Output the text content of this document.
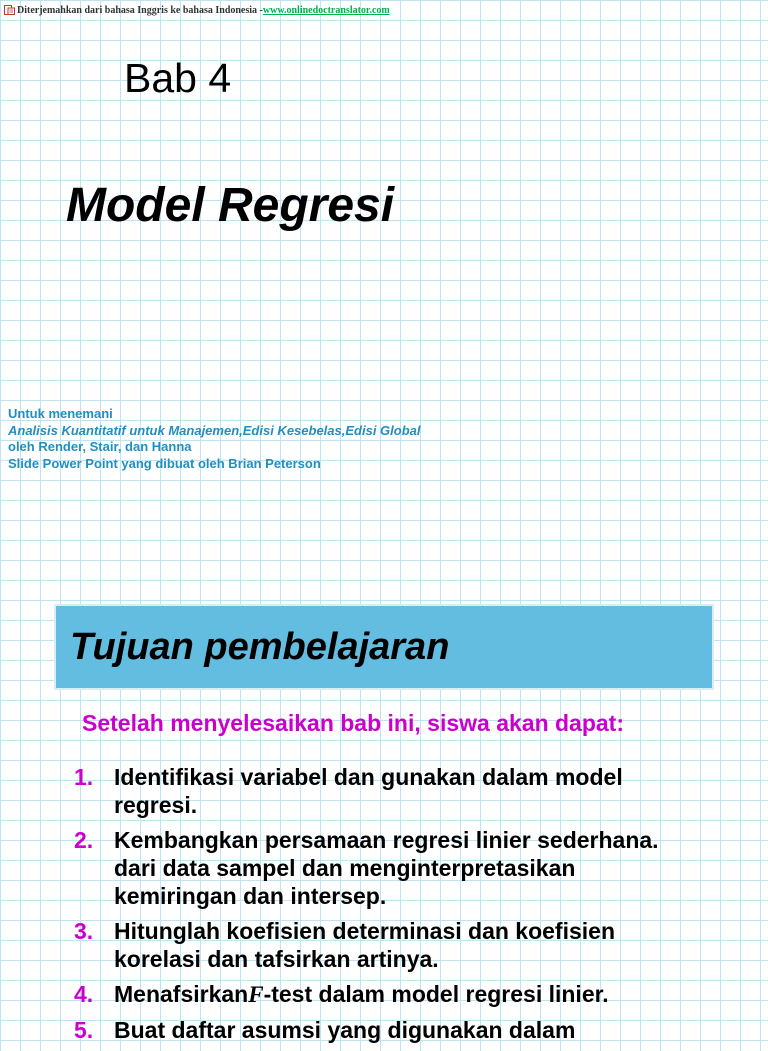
Diterjemahkan dari bahasa Inggris ke bahasa Indonesia - www.onlinedoctranslator.com
Bab 4
Model Regresi
Untuk menemani
Analisis Kuantitatif untuk Manajemen,Edisi Kesebelas,Edisi Global
oleh Render, Stair, dan Hanna
Slide Power Point yang dibuat oleh Brian Peterson
Tujuan pembelajaran
Setelah menyelesaikan bab ini, siswa akan dapat:
1. Identifikasi variabel dan gunakan dalam model regresi.
2. Kembangkan persamaan regresi linier sederhana. dari data sampel dan menginterpretasikan kemiringan dan intersep.
3. Hitunglah koefisien determinasi dan koefisien korelasi dan tafsirkan artinya.
4. MenafsirkanF-test dalam model regresi linier.
5. Buat daftar asumsi yang digunakan dalam
